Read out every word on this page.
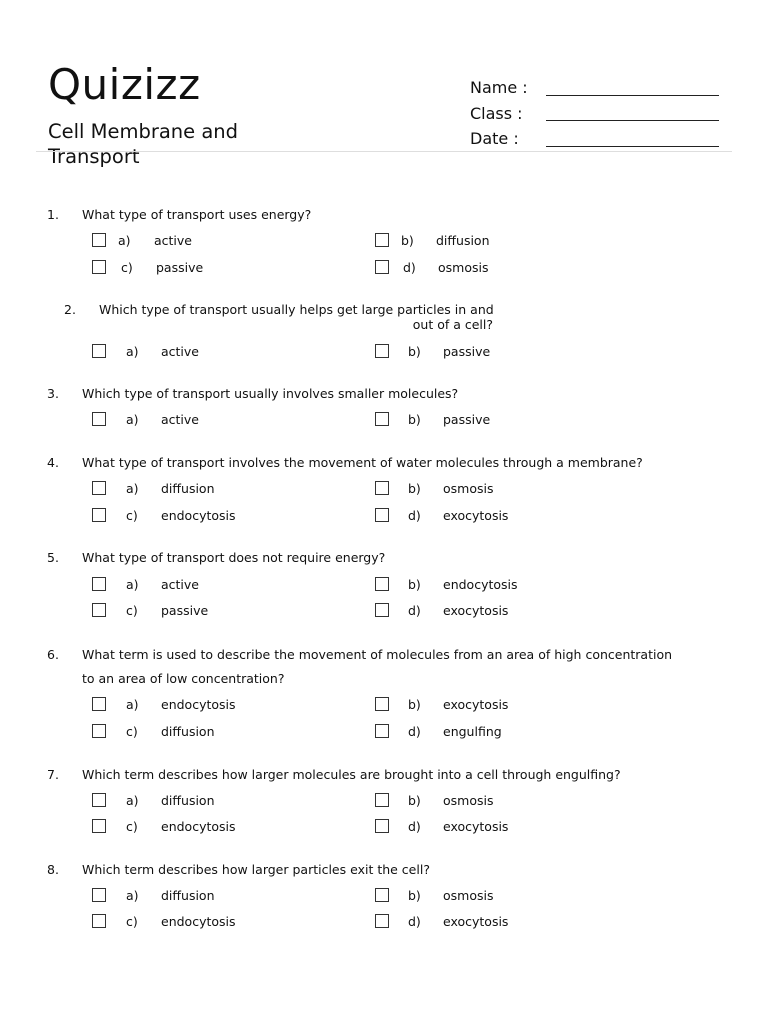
Quizizz
Cell Membrane and Transport
Name :
Class :
Date :
1. What type of transport uses energy?
a) active	b) diffusion
c) passive	d) osmosis
2. Which type of transport usually helps get large particles in and
out of a cell?
a) active	b) passive
3. Which type of transport usually involves smaller molecules?
a) active	b) passive
4. What type of transport involves the movement of water molecules through a membrane?
a) diffusion	b) osmosis
c) endocytosis	d) exocytosis
5. What type of transport does not require energy?
a) active	b) endocytosis
c) passive	d) exocytosis
6. What term is used to describe the movement of molecules from an area of high concentration
to an area of low concentration?
a) endocytosis	b) exocytosis
c) diffusion	d) engulfing
7. Which term describes how larger molecules are brought into a cell through engulfing?
a) diffusion	b) osmosis
c) endocytosis	d) exocytosis
8. Which term describes how larger particles exit the cell?
a) diffusion	b) osmosis
c) endocytosis	d) exocytosis
